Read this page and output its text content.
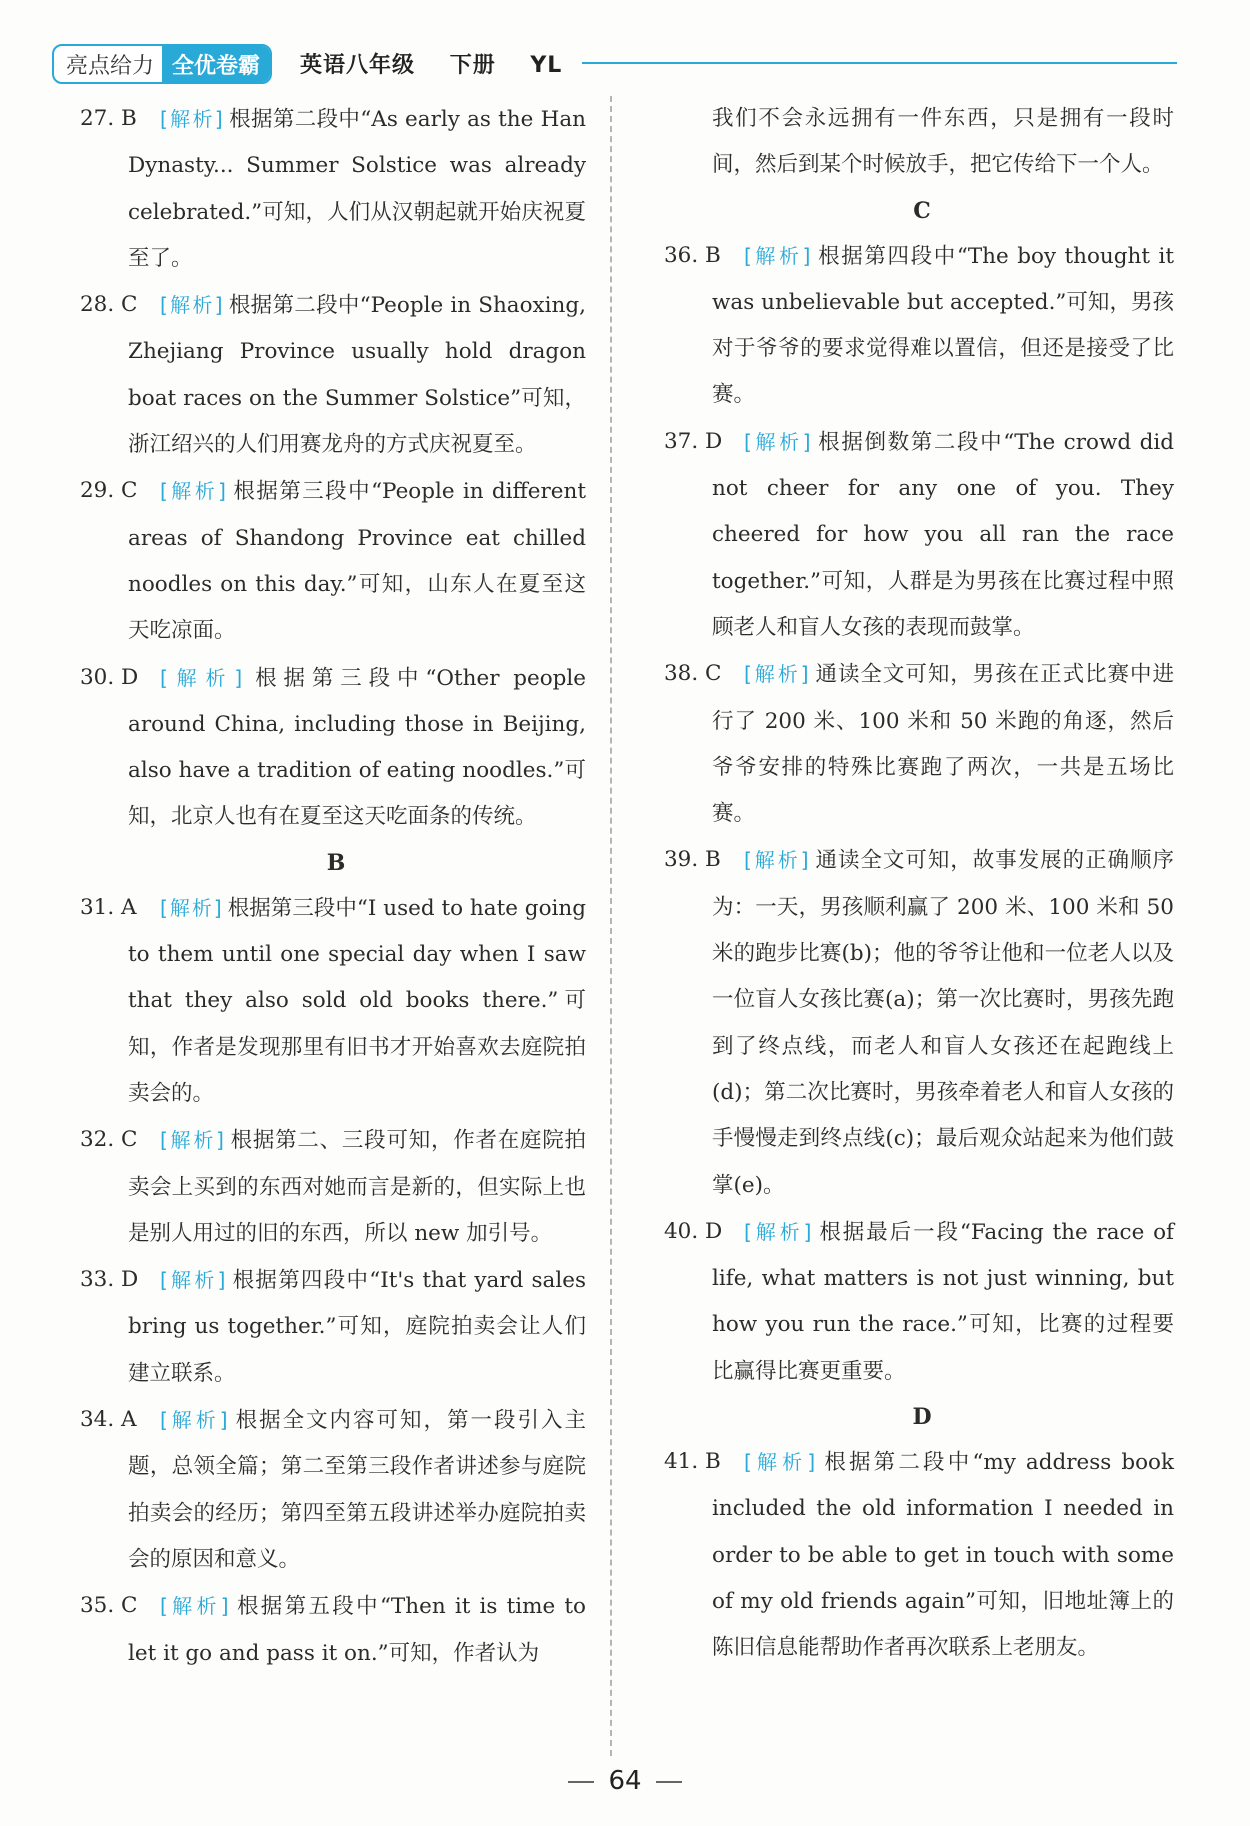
亮点给力 全优卷霸	英语八年级 下册 YL

27. B	[解析] 根据第二段中“As early as the Han Dynasty... Summer Solstice was already celebrated.”可知，人们从汉朝起就开始庆祝夏至了。

28. C	[解析] 根据第二段中“People in Shaoxing, Zhejiang Province usually hold dragon boat races on the Summer Solstice”可知，浙江绍兴的人们用赛龙舟的方式庆祝夏至。

29. C	[解析] 根据第三段中“People in different areas of Shandong Province eat chilled noodles on this day.”可知，山东人在夏至这天吃凉面。

30. D	[解析] 根据第三段中“Other people around China, including those in Beijing, also have a tradition of eating noodles.”可知，北京人也有在夏至这天吃面条的传统。

B

31. A	[解析] 根据第三段中“I used to hate going to them until one special day when I saw that they also sold old books there.”可知，作者是发现那里有旧书才开始喜欢去庭院拍卖会的。

32. C	[解析] 根据第二、三段可知，作者在庭院拍卖会上买到的东西对她而言是新的，但实际上也是别人用过的旧的东西，所以 new 加引号。

33. D	[解析] 根据第四段中“It's that yard sales bring us together.”可知，庭院拍卖会让人们建立联系。

34. A	[解析] 根据全文内容可知，第一段引入主题，总领全篇；第二至第三段作者讲述参与庭院拍卖会的经历；第四至第五段讲述举办庭院拍卖会的原因和意义。

35. C	[解析] 根据第五段中“Then it is time to let it go and pass it on.”可知，作者认为

我们不会永远拥有一件东西，只是拥有一段时间，然后到某个时候放手，把它传给下一个人。

C

36. B	[解析] 根据第四段中“The boy thought it was unbelievable but accepted.”可知，男孩对于爷爷的要求觉得难以置信，但还是接受了比赛。

37. D	[解析] 根据倒数第二段中“The crowd did not cheer for any one of you. They cheered for how you all ran the race together.”可知，人群是为男孩在比赛过程中照顾老人和盲人女孩的表现而鼓掌。

38. C	[解析] 通读全文可知，男孩在正式比赛中进行了 200 米、100 米和 50 米跑的角逐，然后爷爷安排的特殊比赛跑了两次，一共是五场比赛。

39. B	[解析] 通读全文可知，故事发展的正确顺序为：一天，男孩顺利赢了 200 米、100 米和 50 米的跑步比赛(b)；他的爷爷让他和一位老人以及一位盲人女孩比赛(a)；第一次比赛时，男孩先跑到了终点线，而老人和盲人女孩还在起跑线上(d)；第二次比赛时，男孩牵着老人和盲人女孩的手慢慢走到终点线(c)；最后观众站起来为他们鼓掌(e)。

40. D	[解析] 根据最后一段“Facing the race of life, what matters is not just winning, but how you run the race.”可知，比赛的过程要比赢得比赛更重要。

D

41. B	[解析] 根据第二段中“my address book included the old information I needed in order to be able to get in touch with some of my old friends again”可知，旧地址簿上的陈旧信息能帮助作者再次联系上老朋友。

64
